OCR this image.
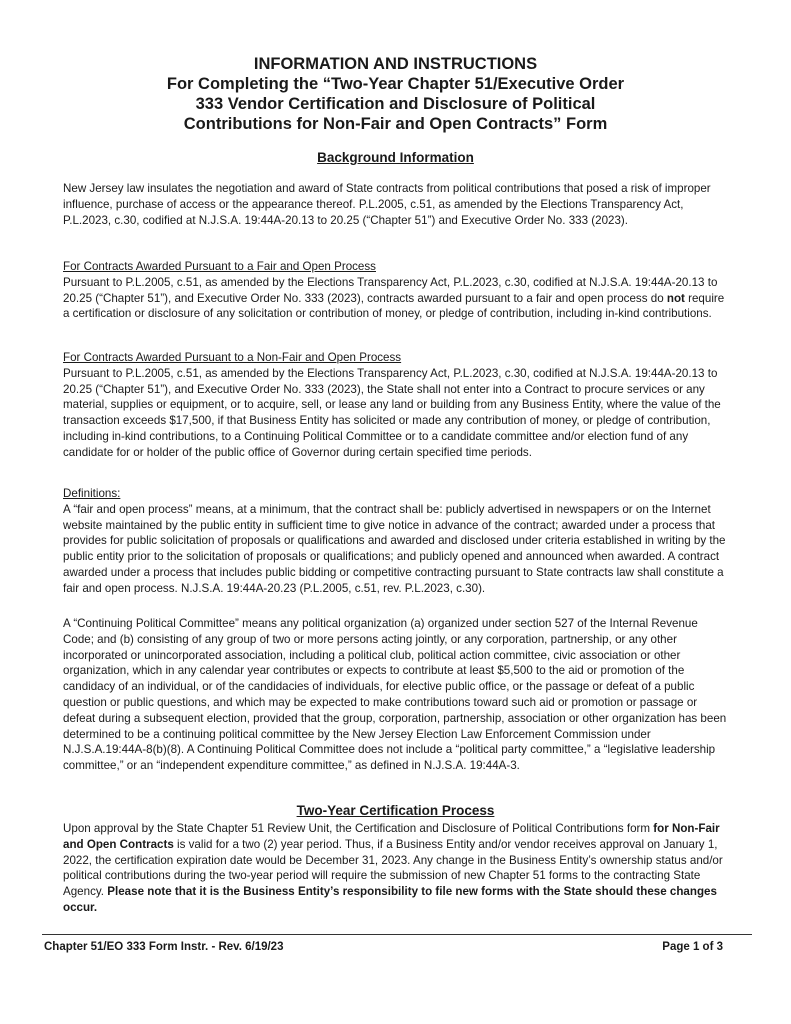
INFORMATION AND INSTRUCTIONS
For Completing the “Two-Year Chapter 51/Executive Order
333 Vendor Certification and Disclosure of Political
Contributions for Non-Fair and Open Contracts” Form
Background Information

New Jersey law insulates the negotiation and award of State contracts from political contributions that posed a risk of improper influence, purchase of access or the appearance thereof. P.L.2005, c.51, as amended by the Elections Transparency Act, P.L.2023, c.30, codified at N.J.S.A. 19:44A-20.13 to 20.25 (“Chapter 51”) and Executive Order No. 333 (2023).

For Contracts Awarded Pursuant to a Fair and Open Process

Pursuant to P.L.2005, c.51, as amended by the Elections Transparency Act, P.L.2023, c.30, codified at N.J.S.A. 19:44A-20.13 to 20.25 (“Chapter 51”), and Executive Order No. 333 (2023), contracts awarded pursuant to a fair and open process do not require a certification or disclosure of any solicitation or contribution of money, or pledge of contribution, including in-kind contributions.

For Contracts Awarded Pursuant to a Non-Fair and Open Process

Pursuant to P.L.2005, c.51, as amended by the Elections Transparency Act, P.L.2023, c.30, codified at N.J.S.A. 19:44A-20.13 to 20.25 (“Chapter 51”), and Executive Order No. 333 (2023), the State shall not enter into a Contract to procure services or any material, supplies or equipment, or to acquire, sell, or lease any land or building from any Business Entity, where the value of the transaction exceeds $17,500, if that Business Entity has solicited or made any contribution of money, or pledge of contribution, including in-kind contributions, to a Continuing Political Committee or to a candidate committee and/or election fund of any candidate for or holder of the public office of Governor during certain specified time periods.

Definitions:

A “fair and open process” means, at a minimum, that the contract shall be: publicly advertised in newspapers or on the Internet website maintained by the public entity in sufficient time to give notice in advance of the contract; awarded under a process that provides for public solicitation of proposals or qualifications and awarded and disclosed under criteria established in writing by the public entity prior to the solicitation of proposals or qualifications; and publicly opened and announced when awarded. A contract awarded under a process that includes public bidding or competitive contracting pursuant to State contracts law shall constitute a fair and open process. N.J.S.A. 19:44A-20.23 (P.L.2005, c.51, rev. P.L.2023, c.30).

A “Continuing Political Committee” means any political organization (a) organized under section 527 of the Internal Revenue Code; and (b) consisting of any group of two or more persons acting jointly, or any corporation, partnership, or any other incorporated or unincorporated association, including a political club, political action committee, civic association or other organization, which in any calendar year contributes or expects to contribute at least $5,500 to the aid or promotion of the candidacy of an individual, or of the candidacies of individuals, for elective public office, or the passage or defeat of a public question or public questions, and which may be expected to make contributions toward such aid or promotion or passage or defeat during a subsequent election, provided that the group, corporation, partnership, association or other organization has been determined to be a continuing political committee by the New Jersey Election Law Enforcement Commission under N.J.S.A.19:44A-8(b)(8). A Continuing Political Committee does not include a “political party committee,” a “legislative leadership committee,” or an “independent expenditure committee,” as defined in N.J.S.A. 19:44A-3.

Two-Year Certification Process

Upon approval by the State Chapter 51 Review Unit, the Certification and Disclosure of Political Contributions form for Non-Fair and Open Contracts is valid for a two (2) year period. Thus, if a Business Entity and/or vendor receives approval on January 1, 2022, the certification expiration date would be December 31, 2023. Any change in the Business Entity’s ownership status and/or political contributions during the two-year period will require the submission of new Chapter 51 forms to the contracting State Agency. Please note that it is the Business Entity’s responsibility to file new forms with the State should these changes occur.

Chapter 51/EO 333 Form Instr. - Rev. 6/19/23	Page 1 of 3
